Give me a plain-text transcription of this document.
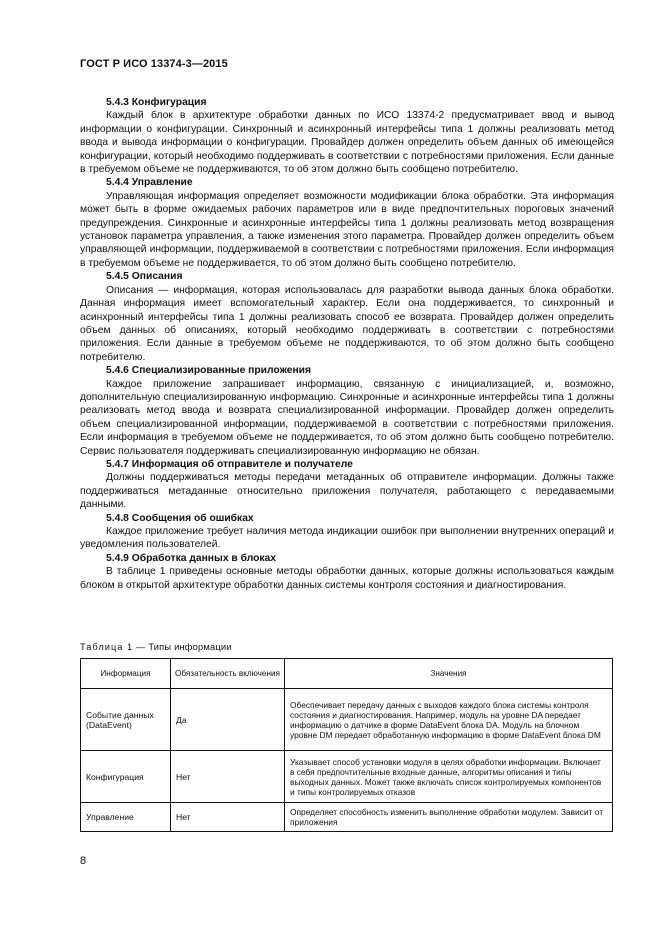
ГОСТ Р ИСО 13374-3—2015

5.4.3 Конфигурация

Каждый блок в архитектуре обработки данных по ИСО 13374-2 предусматривает ввод и вывод информации о конфигурации. Синхронный и асинхронный интерфейсы типа 1 должны реализовать метод ввода и вывода информации о конфигурации. Провайдер должен определить объем данных об имеющейся конфигурации, который необходимо поддерживать в соответствии с потребностями приложения. Если данные в требуемом объеме не поддерживаются, то об этом должно быть сообщено потребителю.

5.4.4 Управление

Управляющая информация определяет возможности модификации блока обработки. Эта информация может быть в форме ожидаемых рабочих параметров или в виде предпочтительных пороговых значений предупреждения. Синхронные и асинхронные интерфейсы типа 1 должны реализовать метод возвращения установок параметра управления, а также изменения этого параметра. Провайдер должен определить объем управляющей информации, поддерживаемой в соответствии с потребностями приложения. Если информация в требуемом объеме не поддерживается, то об этом должно быть сообщено потребителю.

5.4.5 Описания

Описания — информация, которая использовалась для разработки вывода данных блока обработки. Данная информация имеет вспомогательный характер. Если она поддерживается, то синхронный и асинхронный интерфейсы типа 1 должны реализовать способ ее возврата. Провайдер должен определить объем данных об описаниях, который необходимо поддерживать в соответствии с потребностями приложения. Если данные в требуемом объеме не поддерживаются, то об этом должно быть сообщено потребителю.

5.4.6 Специализированные приложения

Каждое приложение запрашивает информацию, связанную с инициализацией, и, возможно, дополнительную специализированную информацию. Синхронные и асинхронные интерфейсы типа 1 должны реализовать метод ввода и возврата специализированной информации. Провайдер должен определить объем специализированной информации, поддерживаемой в соответствии с потребностями приложения. Если информация в требуемом объеме не поддерживается, то об этом должно быть сообщено потребителю. Сервис пользователя поддерживать специализированную информацию не обязан.

5.4.7 Информация об отправителе и получателе

Должны поддерживаться методы передачи метаданных об отправителе информации. Должны также поддерживаться метаданные относительно приложения получателя, работающего с передаваемыми данными.

5.4.8 Сообщения об ошибках

Каждое приложение требует наличия метода индикации ошибок при выполнении внутренних операций и уведомления пользователей.

5.4.9 Обработка данных в блоках

В таблице 1 приведены основные методы обработки данных, которые должны использоваться каждым блоком в открытой архитектуре обработки данных системы контроля состояния и диагностирования.

Таблица 1 — Типы информации
Информация	Обязательность включения	Значения
Событие данных (DataEvent)	Да	Обеспечивает передачу данных с выходов каждого блока системы контроля состояния и диагностирования. Например, модуль на уровне DA передает информацию о датчике в форме DataEvent блока DA. Модуль на блочном уровне DM передает обработанную информацию в форме DataEvent блока DM
Конфигурация	Нет	Указывает способ установки модуля в целях обработки информации. Включает в себя предпочтительные входные данные, алгоритмы описания и типы выходных данных. Может также включать список контролируемых компонентов и типы контролируемых отказов
Управление	Нет	Определяет способность изменить выполнение обработки модулем. Зависит от приложения
8
